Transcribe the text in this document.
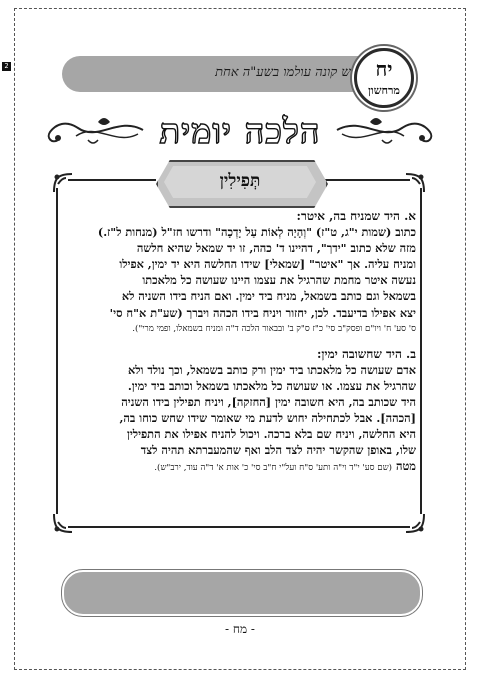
2	יש קונה עולמו בשע"ה אחת	יח
מרחשון
הלכה יומית
תְּפִילִין

א. היד שמניח בה, איטר:

כתוב (שמות י"ג, ט"ז) "וְהָיָה לְאוֹת עַל יָדְכָה" ודרשו חז"ל (מנחות ל"ז.)

מזה שלא כתוב "ידך", דהיינו ד' כהה, זו יד שמאל שהיא חלשה

ומניח עליה. אך "איטר" [שמאלי] שידו החלשה היא יד ימין, אפילו

נעשה איטר מחמת שהרגיל את עצמו היינו שעושה כל מלאכתו

בשמאל וגם כותב בשמאל, מניח ביד ימין. ואם הניח בידו השניה לא

יצא אפילו בדיעבד. לכן, יחזור ויניח בידו הכהה ויברך (שע"ת א"ח סי'

ס' סע' ח' ויו"ם ופסק"ב סי' כ"ז ס"ק ב' ובבאור הלכה ד"ה ומניח בשמאלו, ופמי מרי").

ב. היד שחשובה ימין:

אדם שעושה כל מלאכתו ביד ימין ורק כותב בשמאל, וכך נולד ולא

שהרגיל את עצמו. או שעושה כל מלאכתו בשמאל וכותב ביד ימין.

היד שכותב בה, היא חשובה ימין [החזקה], ויניח תפילין בידו השניה

[הכהה]. אבל לכתחילה יחוש לדעת מי שאומר שידו שחש כוחו בה,

היא החלשה, ויניח שם בלא ברכה. ויכול להניח אפילו את התפילין

שלו, באופן שהקשר יהיה לצד הלב ואף שהמעברתא תהיה לצד

מטה (שם סע' י"ד וי"ה ותע' ס"ח ועל"י ח"ב סי' כ' אות א' ד"ה עוד, ירב"ש).

- מח -
